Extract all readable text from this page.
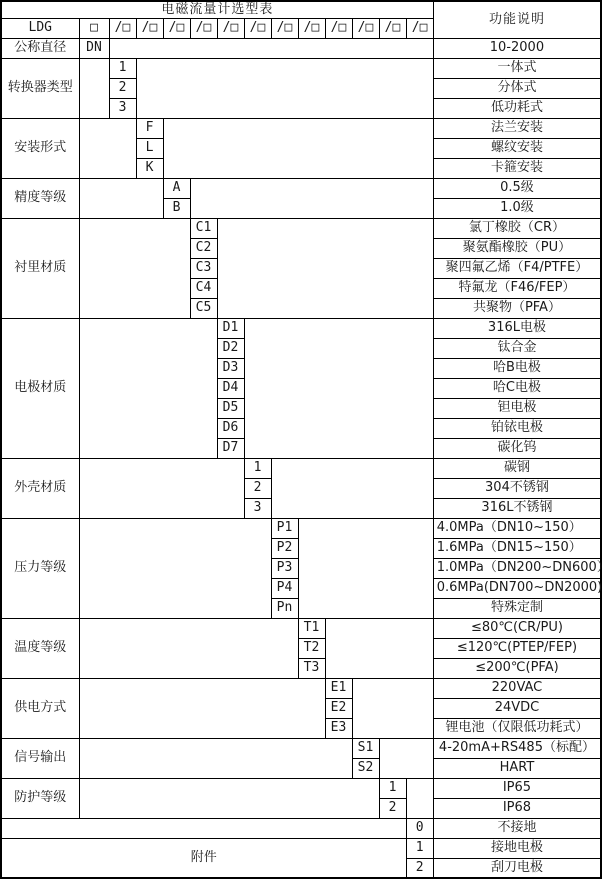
电磁流量计选型表														功能说明
LDG	□	/□	/□	/□	/□	/□	/□	/□	/□	/□	/□	/□	/□	
公称直径	DN													10-2000
转换器类型		1												一体式
		2												分体式
		3												低功耗式
安装形式			F											法兰安装
			L											螺纹安装
			K											卡箍安装
精度等级				A										0.5级
				B										1.0级
衬里材质					C1									氯丁橡胶（CR）
					C2									聚氨酯橡胶（PU）
					C3									聚四氟乙烯（F4/PTFE）
					C4									特氟龙（F46/FEP）
					C5									共聚物（PFA）
电极材质						D1								316L电极
						D2								钛合金
						D3								哈B电极
						D4								哈C电极
						D5								钽电极
						D6								铂铱电极
						D7								碳化钨
外壳材质							1							碳钢
							2							304不锈钢
							3							316L不锈钢
压力等级								P1						4.0MPa（DN10~150）
								P2						1.6MPa（DN15~150）
								P3						1.0MPa（DN200~DN600）
								P4						0.6MPa(DN700~DN2000)
								Pn						特殊定制
温度等级									T1					≤80℃(CR/PU)
									T2					≤120℃(PTEP/FEP)
									T3					≤200℃(PFA)
供电方式										E1				220VAC
										E2				24VDC
										E3				锂电池（仅限低功耗式）
信号输出											S1			4-20mA+RS485（标配）
											S2			HART
防护等级												1		IP65
												2		IP68
													0	不接地
附件													1	接地电极
													2	刮刀电极
